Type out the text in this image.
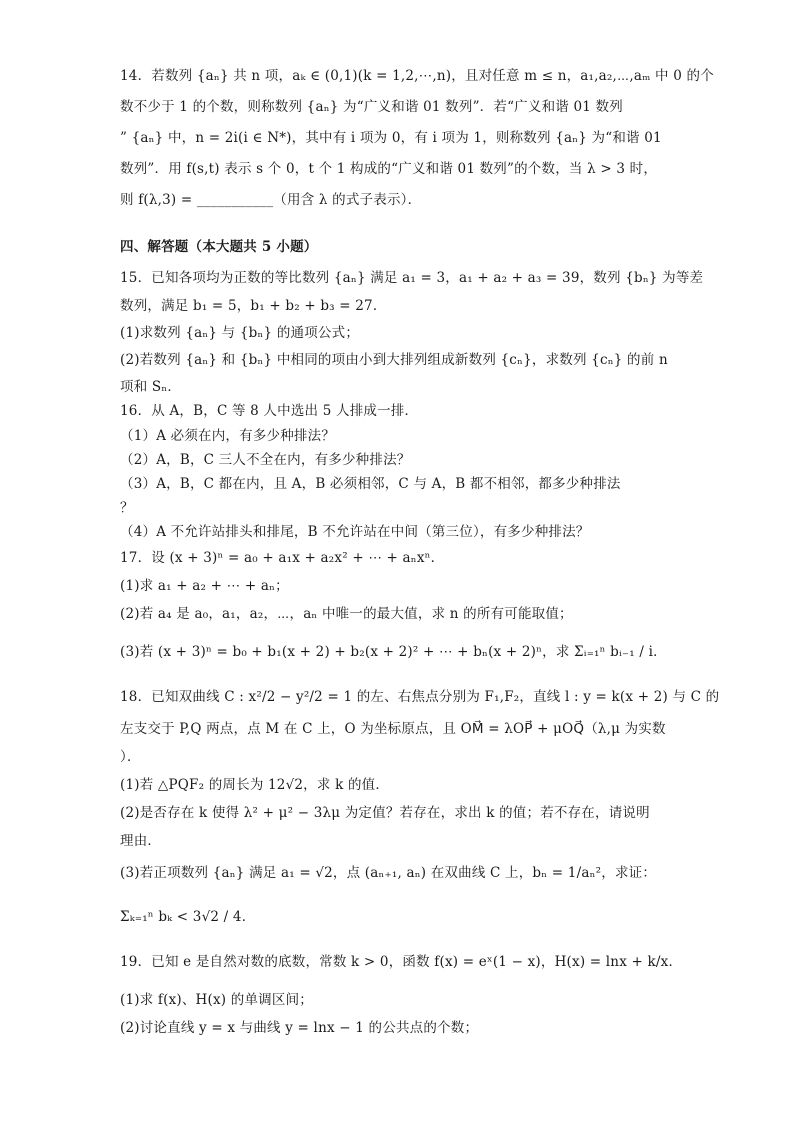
14．若数列 {aₙ} 共 n 项，aₖ ∈ (0,1)(k = 1,2,⋯,n)，且对任意 m ≤ n，a₁,a₂,⋯,aₘ 中 0 的个
数不少于 1 的个数，则称数列 {aₙ} 为“广义和谐 01 数列”．若“广义和谐 01 数列
” {aₙ} 中，n = 2i(i ∈ N*)，其中有 i 项为 0，有 i 项为 1，则称数列 {aₙ} 为“和谐 01
数列”．用 f(s,t) 表示 s 个 0，t 个 1 构成的“广义和谐 01 数列”的个数，当 λ > 3 时，
则 f(λ,3) = ___________（用含 λ 的式子表示）．
四、解答题（本大题共 5 小题）
15．已知各项均为正数的等比数列 {aₙ} 满足 a₁ = 3，a₁ + a₂ + a₃ = 39，数列 {bₙ} 为等差
数列，满足 b₁ = 5，b₁ + b₂ + b₃ = 27．
(1)求数列 {aₙ} 与 {bₙ} 的通项公式；
(2)若数列 {aₙ} 和 {bₙ} 中相同的项由小到大排列组成新数列 {cₙ}，求数列 {cₙ} 的前 n
项和 Sₙ．
16．从 A，B，C 等 8 人中选出 5 人排成一排．
（1）A 必须在内，有多少种排法？
（2）A，B，C 三人不全在内，有多少种排法？
（3）A，B，C 都在内，且 A，B 必须相邻，C 与 A，B 都不相邻，都多少种排法
？
（4）A 不允许站排头和排尾，B 不允许站在中间（第三位），有多少种排法？
17．设 (x + 3)ⁿ = a₀ + a₁x + a₂x² + ⋯ + aₙxⁿ．
(1)求 a₁ + a₂ + ⋯ + aₙ；
(2)若 a₄ 是 a₀，a₁，a₂，⋯，aₙ 中唯一的最大值，求 n 的所有可能取值；
(3)若 (x + 3)ⁿ = b₀ + b₁(x + 2) + b₂(x + 2)² + ⋯ + bₙ(x + 2)ⁿ，求 Σᵢ₌₁ⁿ bᵢ₋₁ / i．
18．已知双曲线 C : x²/2 − y²/2 = 1 的左、右焦点分别为 F₁,F₂，直线 l : y = k(x + 2) 与 C 的
左支交于 P,Q 两点，点 M 在 C 上，O 为坐标原点，且 OM⃗ = λOP⃗ + μOQ⃗（λ,μ 为实数
）．
(1)若 △PQF₂ 的周长为 12√2，求 k 的值．
(2)是否存在 k 使得 λ² + μ² − 3λμ 为定值？若存在，求出 k 的值；若不存在，请说明
理由．
(3)若正项数列 {aₙ} 满足 a₁ = √2，点 (aₙ₊₁, aₙ) 在双曲线 C 上，bₙ = 1/aₙ²，求证：
Σₖ₌₁ⁿ bₖ < 3√2 / 4．
19．已知 e 是自然对数的底数，常数 k > 0，函数 f(x) = eˣ(1 − x)，H(x) = lnx + k/x．
(1)求 f(x)、H(x) 的单调区间；
(2)讨论直线 y = x 与曲线 y = lnx − 1 的公共点的个数；
